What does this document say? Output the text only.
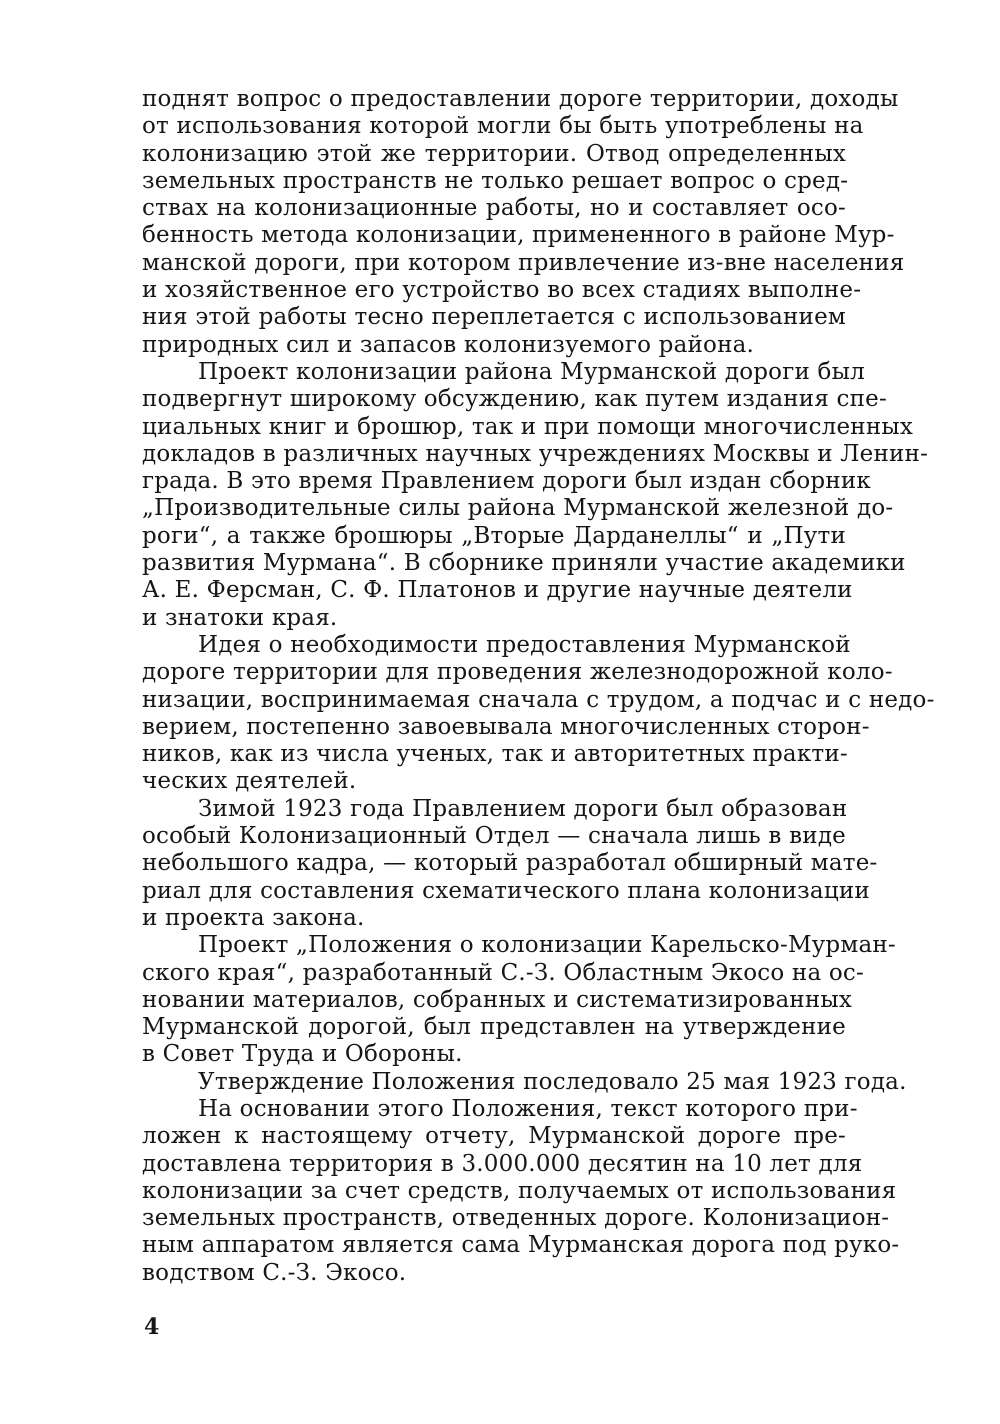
поднят вопрос о предоставлении дороге территории, доходы
от использования которой могли бы быть употреблены на
колонизацию этой же территории. Отвод определенных
земельных пространств не только решает вопрос о сред-
ствах на колонизационные работы, но и составляет осо-
бенность метода колонизации, примененного в районе Мур-
манской дороги, при котором привлечение из-вне населения
и хозяйственное его устройство во всех стадиях выполне-
ния этой работы тесно переплетается с использованием
природных сил и запасов колонизуемого района.
Проект колонизации района Мурманской дороги был
подвергнут широкому обсуждению, как путем издания спе-
циальных книг и брошюр, так и при помощи многочисленных
докладов в различных научных учреждениях Москвы и Ленин-
града. В это время Правлением дороги был издан сборник
„Производительные силы района Мурманской железной до-
роги“, а также брошюры „Вторые Дарданеллы“ и „Пути
развития Мурмана“. В сборнике приняли участие академики
А. Е. Ферсман, С. Ф. Платонов и другие научные деятели
и знатоки края.
Идея о необходимости предоставления Мурманской
дороге территории для проведения железнодорожной коло-
низации, воспринимаемая сначала с трудом, а подчас и с недо-
верием, постепенно завоевывала многочисленных сторон-
ников, как из числа ученых, так и авторитетных практи-
ческих деятелей.
Зимой 1923 года Правлением дороги был образован
особый Колонизационный Отдел — сначала лишь в виде
небольшого кадра, — который разработал обширный мате-
риал для составления схематического плана колонизации
и проекта закона.
Проект „Положения о колонизации Карельско-Мурман-
ского края“, разработанный С.-З. Областным Экосо на ос-
новании материалов, собранных и систематизированных
Мурманской дорогой, был представлен на утверждение
в Совет Труда и Обороны.
Утверждение Положения последовало 25 мая 1923 года.
На основании этого Положения, текст которого при-
ложен к настоящему отчету, Мурманской дороге пре-
доставлена территория в 3.000.000 десятин на 10 лет для
колонизации за счет средств, получаемых от использования
земельных пространств, отведенных дороге. Колонизацион-
ным аппаратом является сама Мурманская дорога под руко-
водством С.-З. Экосо.
4
